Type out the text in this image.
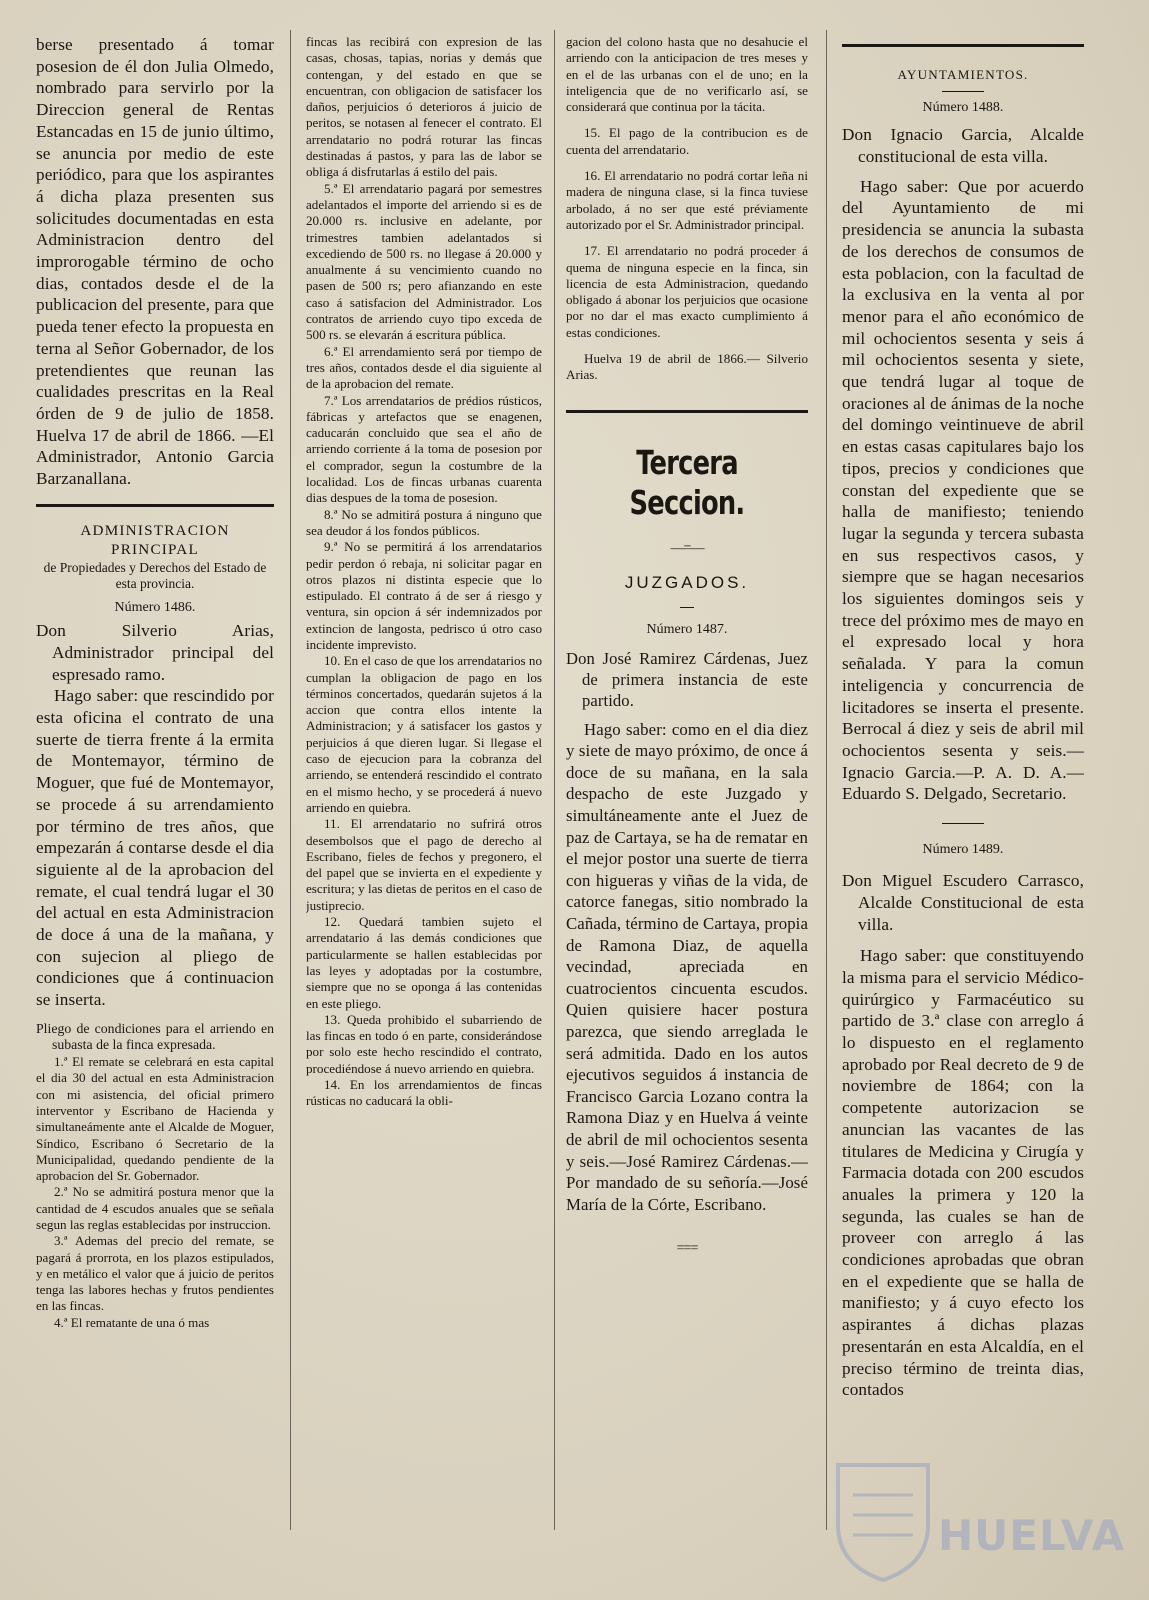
berse presentado á tomar posesion de él don Julia Olmedo, nombrado para servirlo por la Direccion general de Rentas Estancadas en 15 de junio último, se anuncia por medio de este periódico, para que los aspirantes á dicha plaza presenten sus solicitudes documentadas en esta Administracion dentro del improrogable término de ocho dias, contados desde el de la publicacion del presente, para que pueda tener efecto la propuesta en terna al Señor Gobernador, de los pretendientes que reunan las cualidades prescritas en la Real órden de 9 de julio de 1858. Huelva 17 de abril de 1866. —El Administrador, Antonio Garcia Barzanallana.

ADMINISTRACION PRINCIPAL

de Propiedades y Derechos del Estado de esta provincia.

Número 1486.

Don Silverio Arias, Administrador principal del espresado ramo.

Hago saber: que rescindido por esta oficina el contrato de una suerte de tierra frente á la ermita de Montemayor, término de Moguer, que fué de Montemayor, se procede á su arrendamiento por término de tres años, que empezarán á contarse desde el dia siguiente al de la aprobacion del remate, el cual tendrá lugar el 30 del actual en esta Administracion de doce á una de la mañana, y con sujecion al pliego de condiciones que á continuacion se inserta.

Pliego de condiciones para el arriendo en subasta de la finca expresada.

1.ª El remate se celebrará en esta capital el dia 30 del actual en esta Administracion con mi asistencia, del oficial primero interventor y Escribano de Hacienda y simultaneámente ante el Alcalde de Moguer, Síndico, Escribano ó Secretario de la Municipalidad, quedando pendiente de la aprobacion del Sr. Gobernador.

2.ª No se admitirá postura menor que la cantidad de 4 escudos anuales que se señala segun las reglas establecidas por instruccion.

3.ª Ademas del precio del remate, se pagará á prorrota, en los plazos estipulados, y en metálico el valor que á juicio de peritos tenga las labores hechas y frutos pendientes en las fincas.

4.ª El rematante de una ó mas

fincas las recibirá con expresion de las casas, chosas, tapias, norias y demás que contengan, y del estado en que se encuentran, con obligacion de satisfacer los daños, perjuicios ó deterioros á juicio de peritos, se notasen al fenecer el contrato. El arrendatario no podrá roturar las fincas destinadas á pastos, y para las de labor se obliga á disfrutarlas á estilo del pais.

5.ª El arrendatario pagará por semestres adelantados el importe del arriendo si es de 20.000 rs. inclusive en adelante, por trimestres tambien adelantados si excediendo de 500 rs. no llegase á 20.000 y anualmente á su vencimiento cuando no pasen de 500 rs; pero afianzando en este caso á satisfacion del Administrador. Los contratos de arriendo cuyo tipo exceda de 500 rs. se elevarán á escritura pública.

6.ª El arrendamiento será por tiempo de tres años, contados desde el dia siguiente al de la aprobacion del remate.

7.ª Los arrendatarios de prédios rústicos, fábricas y artefactos que se enagenen, caducarán concluido que sea el año de arriendo corriente á la toma de posesion por el comprador, segun la costumbre de la localidad. Los de fincas urbanas cuarenta dias despues de la toma de posesion.

8.ª No se admitirá postura á ninguno que sea deudor á los fondos públicos.

9.ª No se permitirá á los arrendatarios pedir perdon ó rebaja, ni solicitar pagar en otros plazos ni distinta especie que lo estipulado. El contrato á de ser á riesgo y ventura, sin opcion á sér indemnizados por extincion de langosta, pedrisco ú otro caso incidente imprevisto.

10. En el caso de que los arrendatarios no cumplan la obligacion de pago en los términos concertados, quedarán sujetos á la accion que contra ellos intente la Administracion; y á satisfacer los gastos y perjuicios á que dieren lugar. Si llegase el caso de ejecucion para la cobranza del arriendo, se entenderá rescindido el contrato en el mismo hecho, y se procederá á nuevo arriendo en quiebra.

11. El arrendatario no sufrirá otros desembolsos que el pago de derecho al Escribano, fieles de fechos y pregonero, el del papel que se invierta en el expediente y escritura; y las dietas de peritos en el caso de justiprecio.

12. Quedará tambien sujeto el arrendatario á las demás condiciones que particularmente se hallen establecidas por las leyes y adoptadas por la costumbre, siempre que no se oponga á las contenidas en este pliego.

13. Queda prohibido el subarriendo de las fincas en todo ó en parte, considerándose por solo este hecho rescindido el contrato, procediéndose á nuevo arriendo en quiebra.

14. En los arrendamientos de fincas rústicas no caducará la obli-

gacion del colono hasta que no desahucie el arriendo con la anticipacion de tres meses y en el de las urbanas con el de uno; en la inteligencia que de no verificarlo así, se considerará que continua por la tácita.

15. El pago de la contribucion es de cuenta del arrendatario.

16. El arrendatario no podrá cortar leña ni madera de ninguna clase, si la finca tuviese arbolado, á no ser que esté préviamente autorizado por el Sr. Administrador principal.

17. El arrendatario no podrá proceder á quema de ninguna especie en la finca, sin licencia de esta Administracion, quedando obligado á abonar los perjuicios que ocasione por no dar el mas exacto cumplimiento á estas condiciones.

Huelva 19 de abril de 1866.— Silverio Arias.

Tercera Seccion.

—=—

JUZGADOS.

Número 1487.

Don José Ramirez Cárdenas, Juez de primera instancia de este partido.

Hago saber: como en el dia diez y siete de mayo próximo, de once á doce de su mañana, en la sala despacho de este Juzgado y simultáneamente ante el Juez de paz de Cartaya, se ha de rematar en el mejor postor una suerte de tierra con higueras y viñas de la vida, de catorce fanegas, sitio nombrado la Cañada, término de Cartaya, propia de Ramona Diaz, de aquella vecindad, apreciada en cuatrocientos cincuenta escudos. Quien quisiere hacer postura parezca, que siendo arreglada le será admitida. Dado en los autos ejecutivos seguidos á instancia de Francisco Garcia Lozano contra la Ramona Diaz y en Huelva á veinte de abril de mil ochocientos sesenta y seis.—José Ramirez Cárdenas.—Por mandado de su señoría.—José María de la Córte, Escribano.

===

AYUNTAMIENTOS.

Número 1488.

Don Ignacio Garcia, Alcalde constitucional de esta villa.

Hago saber: Que por acuerdo del Ayuntamiento de mi presidencia se anuncia la subasta de los derechos de consumos de esta poblacion, con la facultad de la exclusiva en la venta al por menor para el año económico de mil ochocientos sesenta y seis á mil ochocientos sesenta y siete, que tendrá lugar al toque de oraciones al de ánimas de la noche del domingo veintinueve de abril en estas casas capitulares bajo los tipos, precios y condiciones que constan del expediente que se halla de manifiesto; teniendo lugar la segunda y tercera subasta en sus respectivos casos, y siempre que se hagan necesarios los siguientes domingos seis y trece del próximo mes de mayo en el expresado local y hora señalada. Y para la comun inteligencia y concurrencia de licitadores se inserta el presente. Berrocal á diez y seis de abril mil ochocientos sesenta y seis.—Ignacio Garcia.—P. A. D. A.—Eduardo S. Delgado, Secretario.

Número 1489.

Don Miguel Escudero Carrasco, Alcalde Constitucional de esta villa.

Hago saber: que constituyendo la misma para el servicio Médico-quirúrgico y Farmacéutico su partido de 3.ª clase con arreglo á lo dispuesto en el reglamento aprobado por Real decreto de 9 de noviembre de 1864; con la competente autorizacion se anuncian las vacantes de las titulares de Medicina y Cirugía y Farmacia dotada con 200 escudos anuales la primera y 120 la segunda, las cuales se han de proveer con arreglo á las condiciones aprobadas que obran en el expediente que se halla de manifiesto; y á cuyo efecto los aspirantes á dichas plazas presentarán en esta Alcaldía, en el preciso término de treinta dias, contados

HUELVA
